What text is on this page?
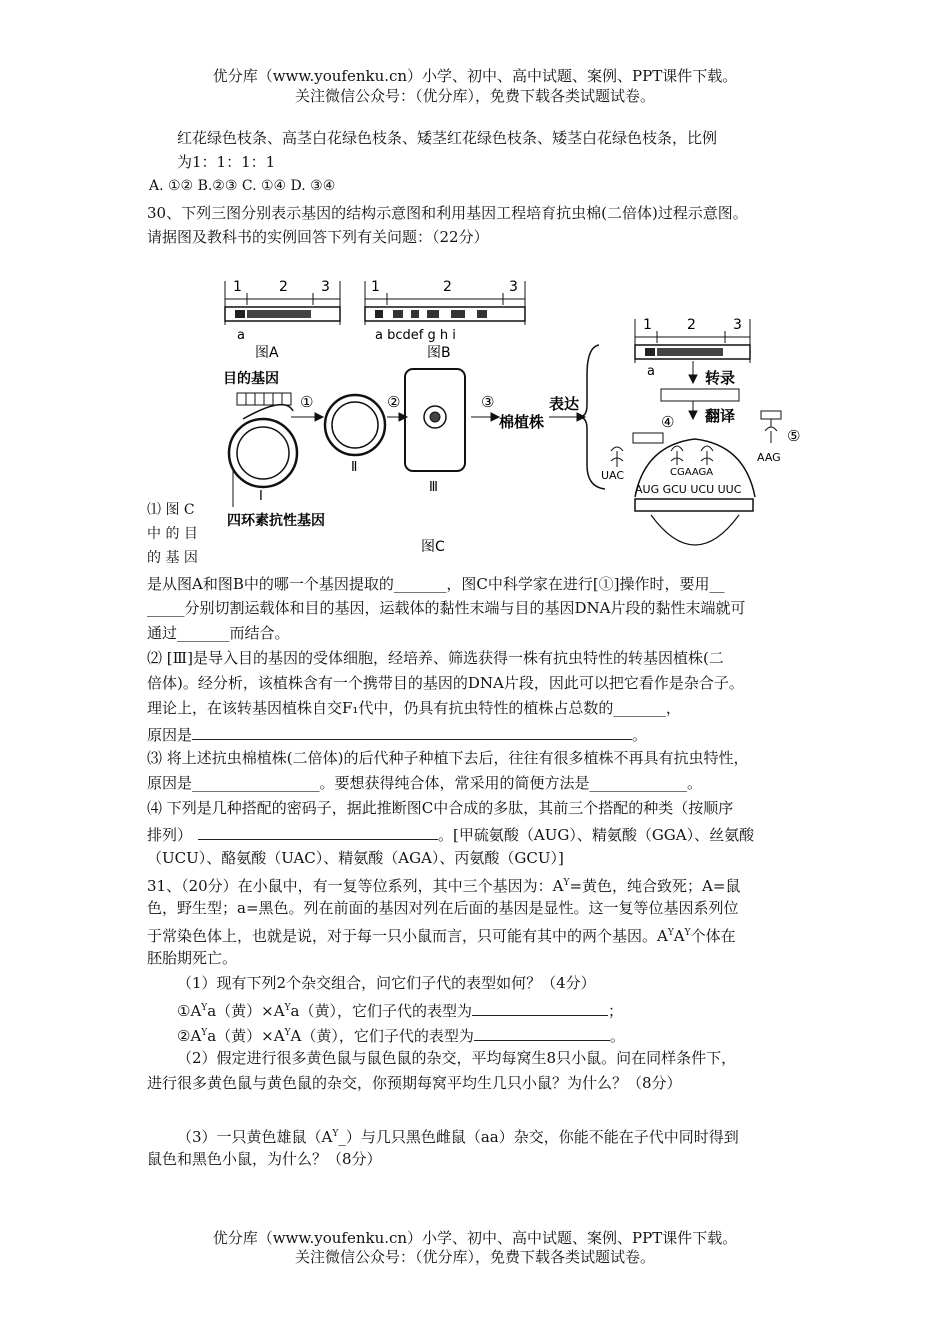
优分库（www.youfenku.cn）小学、初中、高中试题、案例、PPT课件下载。
关注微信公众号：（优分库），免费下载各类试题试卷。
红花绿色枝条、高茎白花绿色枝条、矮茎红花绿色枝条、矮茎白花绿色枝条，比例
为1：1：1：1
A. ①② B.②③ C. ①④ D. ③④
30、下列三图分别表示基因的结构示意图和利用基因工程培育抗虫棉(二倍体)过程示意图。
请据图及教科书的实例回答下列有关问题：（22分）
1	2 3
a
图A
1	2	3
a bcdef g h i
图B
目的基因
Ⅰ
四环素抗性基因
①
Ⅱ
②
Ⅲ
③
棉植株
表达
图C
1	2	3
a	转录
翻译
④
⑤
AAG
UAC	CGAAGA
AUG GCU UCU UUC
⑴ 图 C
中 的 目
的 基 因
是从图A和图B中的哪一个基因提取的_______，图C中科学家在进行[①]操作时，要用__
_____分别切割运载体和目的基因，运载体的黏性末端与目的基因DNA片段的黏性末端就可
通过_______而结合。
⑵ [Ⅲ]是导入目的基因的受体细胞，经培养、筛选获得一株有抗虫特性的转基因植株(二
倍体)。经分析，该植株含有一个携带目的基因的DNA片段，因此可以把它看作是杂合子。
理论上，在该转基因植株自交F₁代中，仍具有抗虫特性的植株占总数的_______，
原因是	。
⑶ 将上述抗虫棉植株(二倍体)的后代种子种植下去后，往往有很多植株不再具有抗虫特性，
原因是_________________。要想获得纯合体，常采用的简便方法是_____________。
⑷ 下列是几种搭配的密码子，据此推断图C中合成的多肽，其前三个搭配的种类（按顺序
排列）	。[甲硫氨酸（AUG）、精氨酸（GGA）、丝氨酸
（UCU）、酪氨酸（UAC）、精氨酸（AGA）、丙氨酸（GCU）]
31、（20分）在小鼠中，有一复等位系列，其中三个基因为：$A^Y=$黄色，纯合致死；A=鼠
色，野生型；a=黑色。列在前面的基因对列在后面的基因是显性。这一复等位基因系列位
于常染色体上，也就是说，对于每一只小鼠而言，只可能有其中的两个基因。$A^YA^Y$个体在
胚胎期死亡。
（1）现有下列2个杂交组合，问它们子代的表型如何？（4分）
$①A^Ya$（黄）$\times A^Ya$（黄），它们子代的表型为	；
$②A^Ya$（黄）$\times A^YA$（黄），它们子代的表型为	。
（2）假定进行很多黄色鼠与鼠色鼠的杂交，平均每窝生8只小鼠。问在同样条件下，
进行很多黄色鼠与黄色鼠的杂交，你预期每窝平均生几只小鼠？为什么？（8分）
（3）一只黄色雄鼠$(A^Y\_)$与几只黑色雌鼠（aa）杂交，你能不能在子代中同时得到
鼠色和黑色小鼠，为什么？（8分）
优分库（www.youfenku.cn）小学、初中、高中试题、案例、PPT课件下载。
关注微信公众号：（优分库），免费下载各类试题试卷。
